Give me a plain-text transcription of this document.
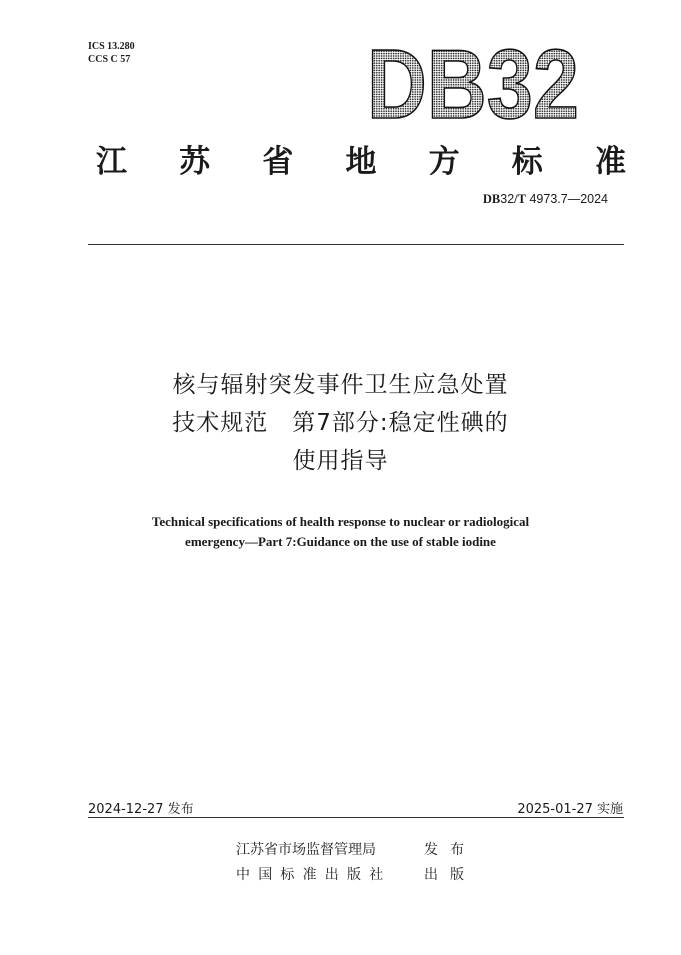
ICS 13.280
CCS C 57 DB32
江 苏 省 地 方 标 准
DB32/T 4973.7—2024
核与辐射突发事件卫生应急处置
技术规范　第7部分:稳定性碘的
使用指导
Technical specifications of health response to nuclear or radiological
emergency—Part 7:Guidance on the use of stable iodine
2024-12-27 发布	2025-01-27 实施
江苏省市场监督管理局	发布
中国标准出版社	出版
